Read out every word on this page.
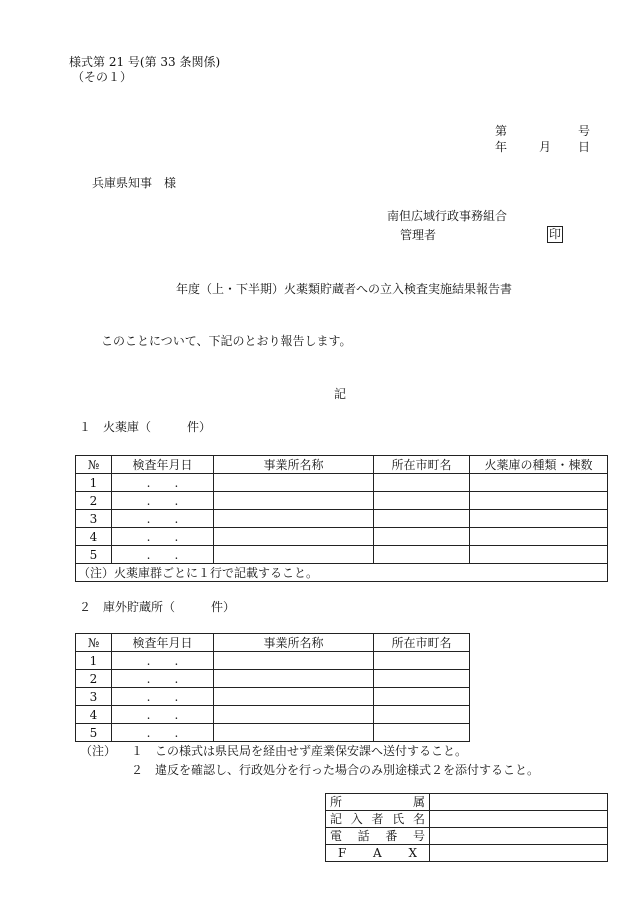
様式第 21 号(第 33 条関係)
（その１）
第	号
年	月 日
兵庫県知事　様
南但広域行政事務組合
管理者	印
年度（上・下半期）火薬類貯蔵者への立入検査実施結果報告書
このことについて、下記のとおり報告します。
記
１　火薬庫（　　　件）
№	検査年月日	事業所名称	所在市町名	火薬庫の種類・棟数
1	.　　.			
2	.　　.			
3	.　　.			
4	.　　.			
5	.　　.			
（注）火薬庫群ごとに１行で記載すること。				
２　庫外貯蔵所（　　　件）
№	検査年月日	事業所名称	所在市町名
1	.　　.		
2	.　　.		
3	.　　.		
4	.　　.		
5	.　　.		
（注） １　この様式は県民局を経由せず産業保安課へ送付すること。
２　違反を確認し、行政処分を行った場合のみ別途様式２を添付すること。
所 属	

記 入 者 氏 名	

電 話 番 号	

F A X	
